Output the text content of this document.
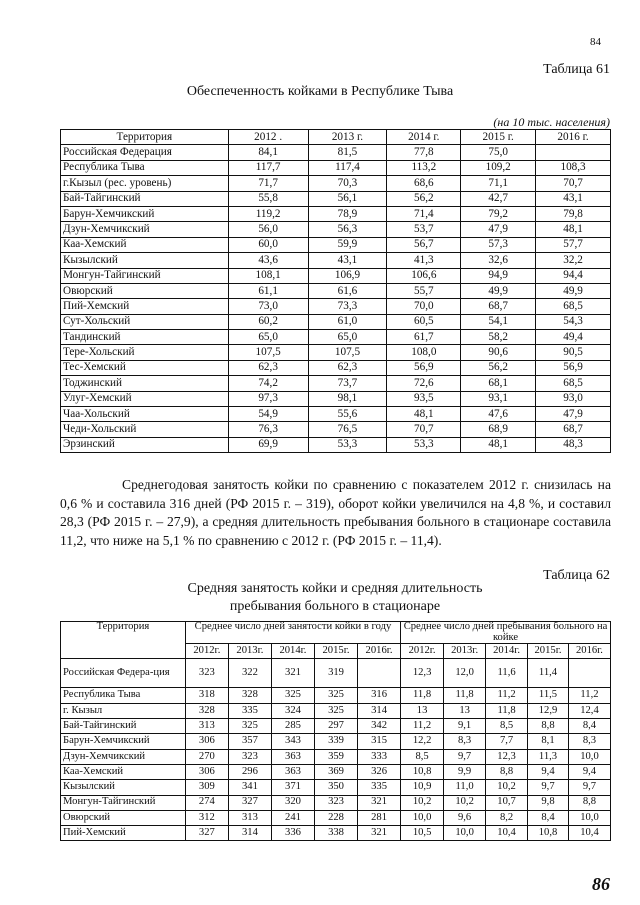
84
Таблица 61
Обеспеченность койками в Республике Тыва
(на 10 тыс. населения)
Территория	2012 .	2013 г.	2014 г.	2015 г.	2016 г.
Российская Федерация	84,1	81,5	77,8	75,0	
Республика Тыва	117,7	117,4	113,2	109,2	108,3
г.Кызыл (рес. уровень)	71,7	70,3	68,6	71,1	70,7
Бай-Тайгинский	55,8	56,1	56,2	42,7	43,1
Барун-Хемчикский	119,2	78,9	71,4	79,2	79,8
Дзун-Хемчикский	56,0	56,3	53,7	47,9	48,1
Каа-Хемский	60,0	59,9	56,7	57,3	57,7
Кызылский	43,6	43,1	41,3	32,6	32,2
Монгун-Тайгинский	108,1	106,9	106,6	94,9	94,4
Овюрский	61,1	61,6	55,7	49,9	49,9
Пий-Хемский	73,0	73,3	70,0	68,7	68,5
Сут-Хольский	60,2	61,0	60,5	54,1	54,3
Тандинский	65,0	65,0	61,7	58,2	49,4
Тере-Хольский	107,5	107,5	108,0	90,6	90,5
Тес-Хемский	62,3	62,3	56,9	56,2	56,9
Тоджинский	74,2	73,7	72,6	68,1	68,5
Улуг-Хемский	97,3	98,1	93,5	93,1	93,0
Чаа-Хольский	54,9	55,6	48,1	47,6	47,9
Чеди-Хольский	76,3	76,5	70,7	68,9	68,7
Эрзинский	69,9	53,3	53,3	48,1	48,3

Среднегодовая занятость койки по сравнению с показателем 2012 г. снизилась на 0,6 % и составила 316 дней (РФ 2015 г. – 319), оборот койки увеличился на 4,8 %, и составил 28,3 (РФ 2015 г. – 27,9), а средняя длительность пребывания больного в стационаре составила 11,2, что ниже на 5,1 % по сравнению с 2012 г. (РФ 2015 г. – 11,4).

Таблица 62
Средняя занятость койки и средняя длительность
пребывания больного в стационаре
Территория	Среднее число дней занятости койки в году					Среднее число дней пребывания больного на койке				
	2012г.	2013г.	2014г.	2015г.	2016г.	2012г.	2013г.	2014г.	2015г.	2016г.
Российская Федера-ция	323	322	321	319		12,3	12,0	11,6	11,4	
Республика Тыва	318	328	325	325	316	11,8	11,8	11,2	11,5	11,2
г. Кызыл	328	335	324	325	314	13	13	11,8	12,9	12,4
Бай-Тайгинский	313	325	285	297	342	11,2	9,1	8,5	8,8	8,4
Барун-Хемчикский	306	357	343	339	315	12,2	8,3	7,7	8,1	8,3
Дзун-Хемчикский	270	323	363	359	333	8,5	9,7	12,3	11,3	10,0
Каа-Хемский	306	296	363	369	326	10,8	9,9	8,8	9,4	9,4
Кызылский	309	341	371	350	335	10,9	11,0	10,2	9,7	9,7
Монгун-Тайгинский	274	327	320	323	321	10,2	10,2	10,7	9,8	8,8
Овюрский	312	313	241	228	281	10,0	9,6	8,2	8,4	10,0
Пий-Хемский	327	314	336	338	321	10,5	10,0	10,4	10,8	10,4
86
